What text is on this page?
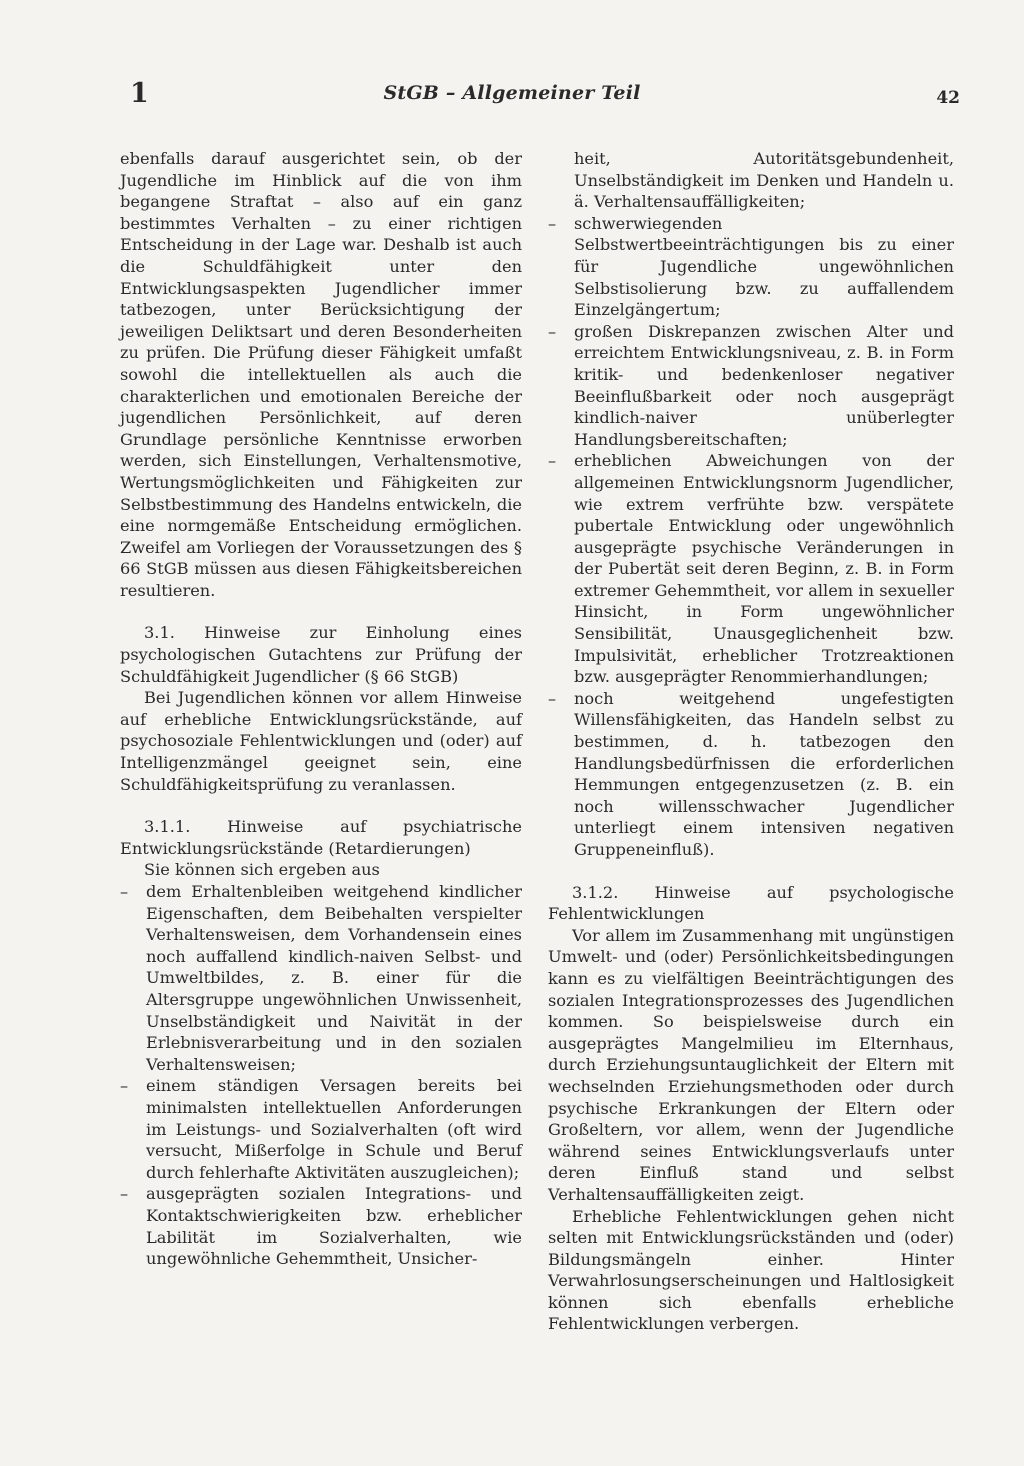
1	StGB – Allgemeiner Teil	42

ebenfalls darauf ausgerichtet sein, ob der Jugendliche im Hinblick auf die von ihm begangene Straftat – also auf ein ganz bestimmtes Verhalten – zu einer richtigen Entscheidung in der Lage war. Deshalb ist auch die Schuldfähigkeit unter den Entwicklungsaspekten Jugendlicher immer tatbezogen, unter Berücksichtigung der jeweiligen Deliktsart und deren Besonderheiten zu prüfen. Die Prüfung dieser Fähigkeit umfaßt sowohl die intellektuellen als auch die charakterlichen und emotionalen Bereiche der jugendlichen Persönlichkeit, auf deren Grundlage persönliche Kenntnisse erworben werden, sich Einstellungen, Verhaltensmotive, Wertungsmöglichkeiten und Fähigkeiten zur Selbstbestimmung des Handelns entwickeln, die eine normgemäße Entscheidung ermöglichen. Zweifel am Vorliegen der Voraussetzungen des § 66 StGB müssen aus diesen Fähigkeitsbereichen resultieren.

3.1. Hinweise zur Einholung eines psychologischen Gutachtens zur Prüfung der Schuldfähigkeit Jugendlicher (§ 66 StGB)

Bei Jugendlichen können vor allem Hinweise auf erhebliche Entwicklungsrückstände, auf psychosoziale Fehlentwicklungen und (oder) auf Intelligenzmängel geeignet sein, eine Schuldfähigkeitsprüfung zu veranlassen.

3.1.1. Hinweise auf psychiatrische Entwicklungsrückstände (Retardierungen)

Sie können sich ergeben aus

– dem Erhaltenbleiben weitgehend kindlicher Eigenschaften, dem Beibehalten verspielter Verhaltensweisen, dem Vorhandensein eines noch auffallend kindlich-naiven Selbst- und Umweltbildes, z. B. einer für die Altersgruppe ungewöhnlichen Unwissenheit, Unselbständigkeit und Naivität in der Erlebnisverarbeitung und in den sozialen Verhaltensweisen;
– einem ständigen Versagen bereits bei minimalsten intellektuellen Anforderungen im Leistungs- und Sozialverhalten (oft wird versucht, Mißerfolge in Schule und Beruf durch fehlerhafte Aktivitäten auszugleichen);
– ausgeprägten sozialen Integrations- und Kontaktschwierigkeiten bzw. erheblicher Labilität im Sozialverhalten, wie ungewöhnliche Gehemmtheit, Unsicher-
heit, Autoritätsgebundenheit, Unselbständigkeit im Denken und Handeln u. ä. Verhaltensauffälligkeiten;
– schwerwiegenden Selbstwertbeeinträchtigungen bis zu einer für Jugendliche ungewöhnlichen Selbstisolierung bzw. zu auffallendem Einzelgängertum;
– großen Diskrepanzen zwischen Alter und erreichtem Entwicklungsniveau, z. B. in Form kritik- und bedenkenloser negativer Beeinflußbarkeit oder noch ausgeprägt kindlich-naiver unüberlegter Handlungsbereitschaften;
– erheblichen Abweichungen von der allgemeinen Entwicklungsnorm Jugendlicher, wie extrem verfrühte bzw. verspätete pubertale Entwicklung oder ungewöhnlich ausgeprägte psychische Veränderungen in der Pubertät seit deren Beginn, z. B. in Form extremer Gehemmtheit, vor allem in sexueller Hinsicht, in Form ungewöhnlicher Sensibilität, Unausgeglichenheit bzw. Impulsivität, erheblicher Trotzreaktionen bzw. ausgeprägter Renommierhandlungen;
– noch weitgehend ungefestigten Willensfähigkeiten, das Handeln selbst zu bestimmen, d. h. tatbezogen den Handlungsbedürfnissen die erforderlichen Hemmungen entgegenzusetzen (z. B. ein noch willensschwacher Jugendlicher unterliegt einem intensiven negativen Gruppeneinfluß).

3.1.2. Hinweise auf psychologische Fehlentwicklungen

Vor allem im Zusammenhang mit ungünstigen Umwelt- und (oder) Persönlichkeitsbedingungen kann es zu vielfältigen Beeinträchtigungen des sozialen Integrationsprozesses des Jugendlichen kommen. So beispielsweise durch ein ausgeprägtes Mangelmilieu im Elternhaus, durch Erziehungsuntauglichkeit der Eltern mit wechselnden Erziehungsmethoden oder durch psychische Erkrankungen der Eltern oder Großeltern, vor allem, wenn der Jugendliche während seines Entwicklungsverlaufs unter deren Einfluß stand und selbst Verhaltensauffälligkeiten zeigt.

Erhebliche Fehlentwicklungen gehen nicht selten mit Entwicklungsrückständen und (oder) Bildungsmängeln einher. Hinter Verwahrlosungserscheinungen und Haltlosigkeit können sich ebenfalls erhebliche Fehlentwicklungen verbergen.
